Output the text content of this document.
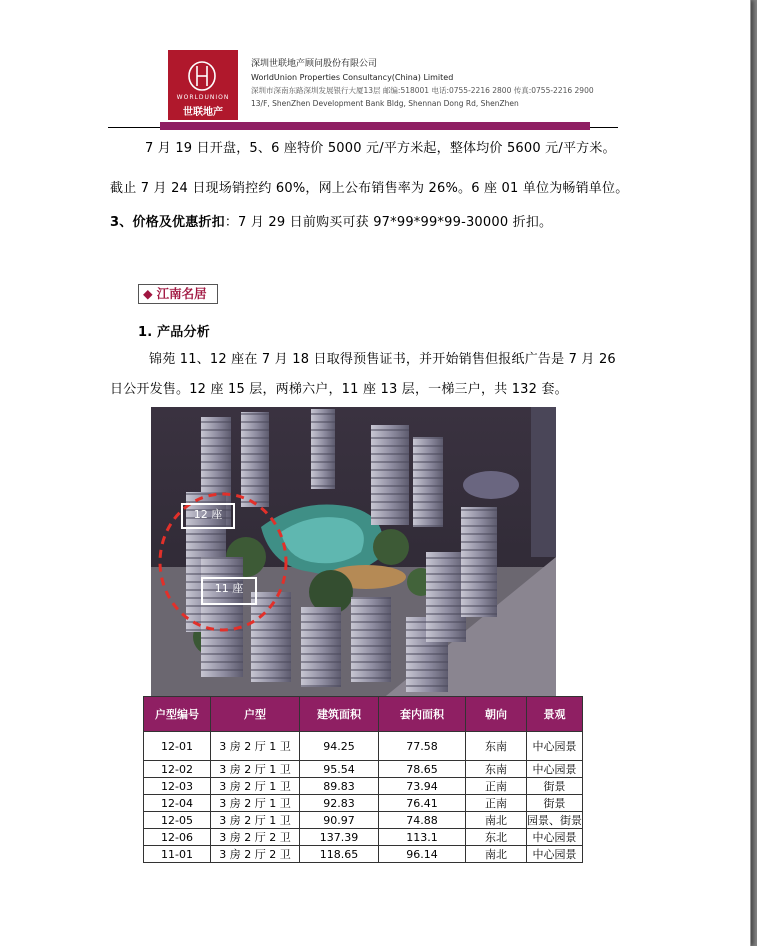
WORLDUNION
世联地产
深圳世联地产顾问股份有限公司
WorldUnion Properties Consultancy(China) Limited
深圳市深南东路深圳发展银行大厦13层 邮编:518001 电话:0755-2216 2800 传真:0755-2216 2900
13/F, ShenZhen Development Bank Bldg, Shennan Dong Rd, ShenZhen
7 月 19 日开盘，5、6 座特价 5000 元/平方米起，整体均价 5600 元/平方米。
截止 7 月 24 日现场销控约 60%，网上公布销售率为 26%。6 座 01 单位为畅销单位。
3、价格及优惠折扣：7 月 29 日前购买可获 97*99*99*99-30000 折扣。
◆ 江南名居
1. 产品分析
锦苑 11、12 座在 7 月 18 日取得预售证书，并开始销售但报纸广告是 7 月 26
日公开发售。12 座 15 层，两梯六户，11 座 13 层，一梯三户，共 132 套。
12 座
11 座
户型编号	户型	建筑面积	套内面积	朝向	景观
12-01	3 房 2 厅 1 卫	94.25	77.58	东南	中心园景
12-02	3 房 2 厅 1 卫	95.54	78.65	东南	中心园景
12-03	3 房 2 厅 1 卫	89.83	73.94	正南	街景
12-04	3 房 2 厅 1 卫	92.83	76.41	正南	街景
12-05	3 房 2 厅 1 卫	90.97	74.88	南北	园景、街景
12-06	3 房 2 厅 2 卫	137.39	113.1	东北	中心园景
11-01	3 房 2 厅 2 卫	118.65	96.14	南北	中心园景
